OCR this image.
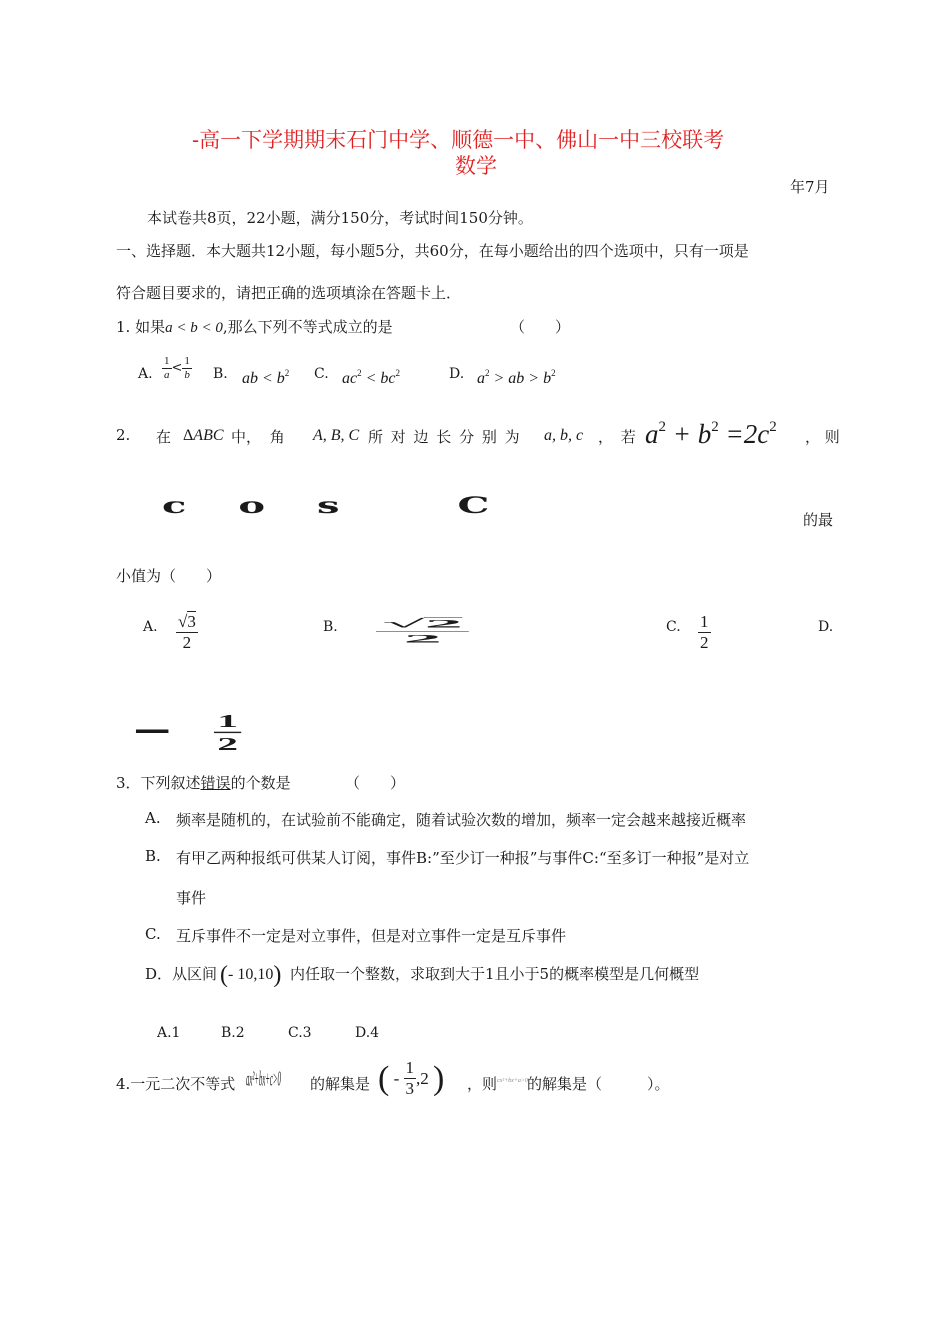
-高一下学期期末石门中学、顺德一中、佛山一中三校联考
数学
年7月
本试卷共8页，22小题，满分150分，考试时间150分钟。
一、选择题．本大题共12小题，每小题5分，共60分，在每小题给出的四个选项中，只有一项是
符合题目要求的，请把正确的选项填涂在答题卡上．
1. 如果a < b < 0,那么下列不等式成立的是	（　　）
A. $\frac{1}{a} < \frac{1}{b} B$. ab < $b^2$ C. $ac^2 < bc^2$	D. $a^2$ > ab > $b^2$
2. 在 ΔABC 中， 角 A, B, C 所 对 边 长 分 别 为 a, b, c ， 若 $a^2 + b^2 =2c^2$
， 则
cos C
的最
小值为（　　）
A. $\frac{√3}{2}$	B. $\frac{√2}{2}$	C. $\frac{1}{2}$	D.
— $\frac{1}{2}$
3．下列叙述错误的个数是	（　　）
A. 频率是随机的，在试验前不能确定，随着试验次数的增加，频率一定会越来越接近概率
B. 有甲乙两种报纸可供某人订阅，事件B:”至少订一种报”与事件C:“至多订一种报”是对立
事件
C. 互斥事件不一定是对立事件，但是对立事件一定是互斥事件
D．从区间 (- 10,10) 内任取一个整数，求取到大于1且小于5的概率模型是几何概型
A.1	B.2	C.3	D.4
4.一元二次不等式 ax²+bx+c>0 的解集是 ( - $\frac{1}{3} ,2$ ) ，则 cx²+bx+a>0 的解集是（　　　）。
